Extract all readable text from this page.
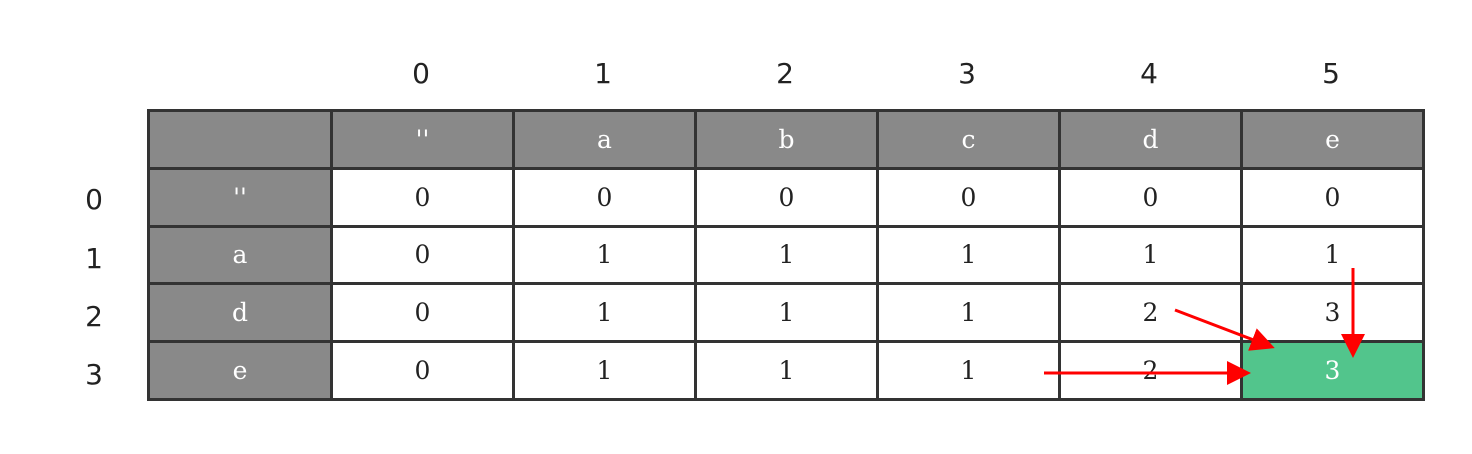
0	1	2	3	4	5
0
1
2
3
	''	a	b	c	d	e
''	0	0	0	0	0	0
a	0	1	1	1	1	1
d	0	1	1	1	2	3
e	0	1	1	1	2	3
